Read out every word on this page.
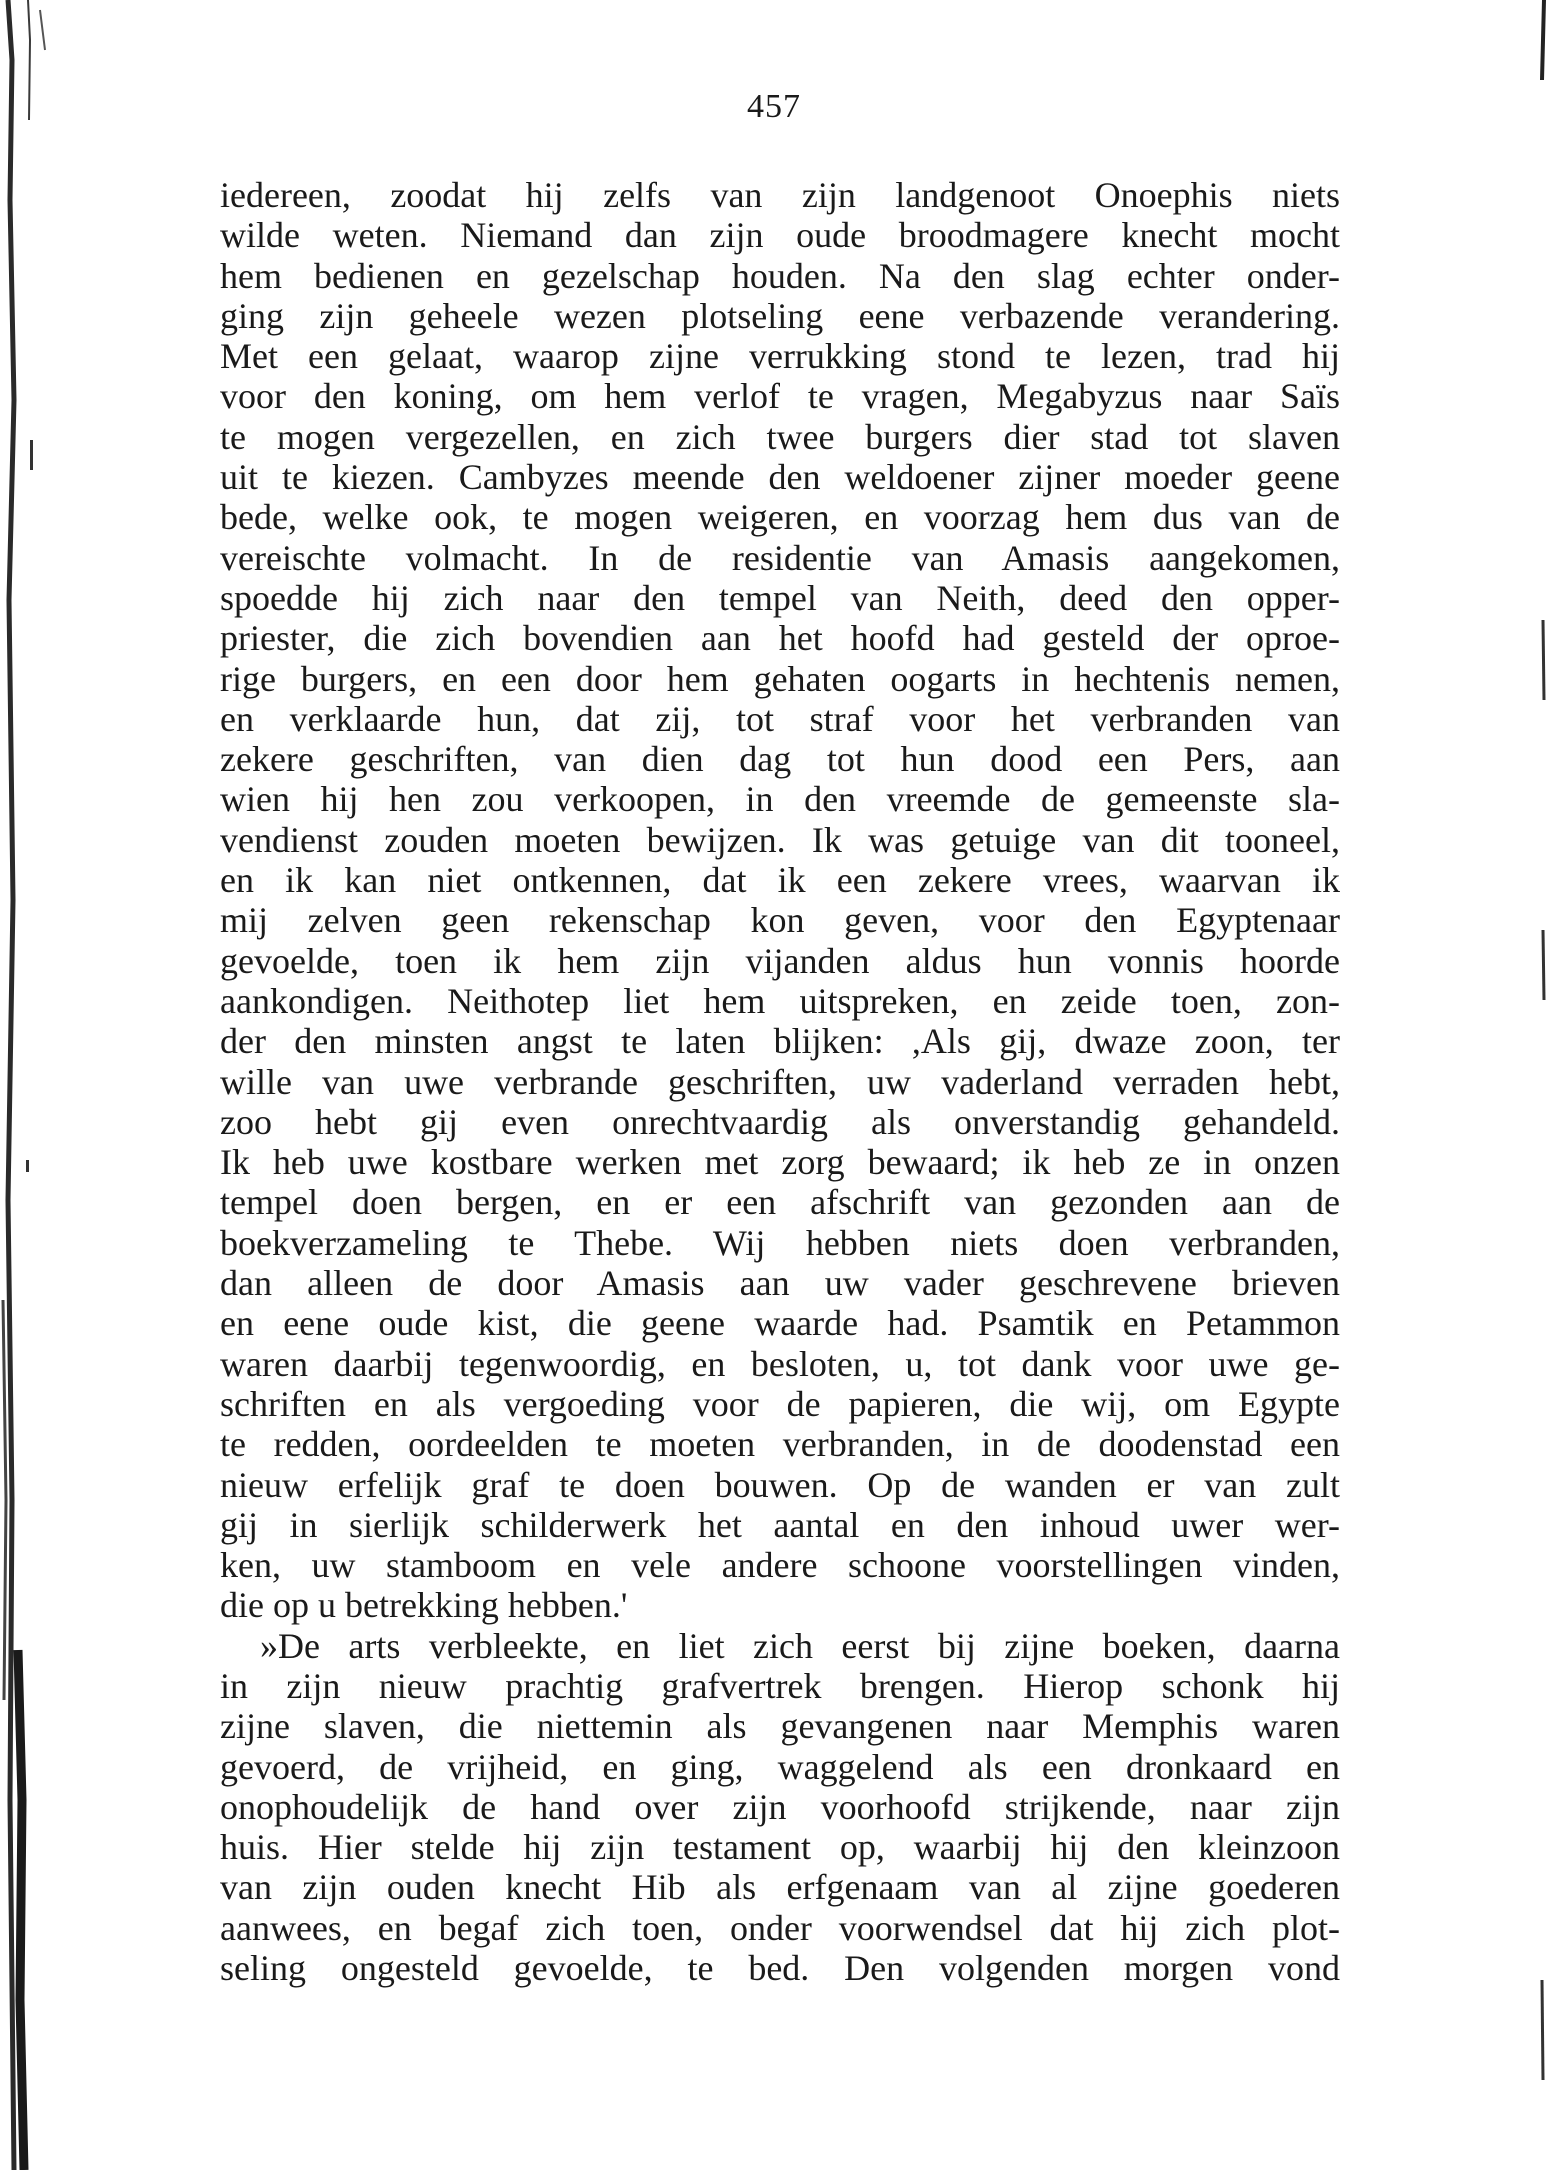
457
iedereen, zoodat hij zelfs van zijn landgenoot Onoephis niets
wilde weten. Niemand dan zijn oude broodmagere knecht mocht
hem bedienen en gezelschap houden. Na den slag echter onder-
ging zijn geheele wezen plotseling eene verbazende verandering.
Met een gelaat, waarop zijne verrukking stond te lezen, trad hij
voor den koning, om hem verlof te vragen, Megabyzus naar Saïs
te mogen vergezellen, en zich twee burgers dier stad tot slaven
uit te kiezen. Cambyzes meende den weldoener zijner moeder geene
bede, welke ook, te mogen weigeren, en voorzag hem dus van de
vereischte volmacht. In de residentie van Amasis aangekomen,
spoedde hij zich naar den tempel van Neith, deed den opper-
priester, die zich bovendien aan het hoofd had gesteld der oproe-
rige burgers, en een door hem gehaten oogarts in hechtenis nemen,
en verklaarde hun, dat zij, tot straf voor het verbranden van
zekere geschriften, van dien dag tot hun dood een Pers, aan
wien hij hen zou verkoopen, in den vreemde de gemeenste sla-
vendienst zouden moeten bewijzen. Ik was getuige van dit tooneel,
en ik kan niet ontkennen, dat ik een zekere vrees, waarvan ik
mij zelven geen rekenschap kon geven, voor den Egyptenaar
gevoelde, toen ik hem zijn vijanden aldus hun vonnis hoorde
aankondigen. Neithotep liet hem uitspreken, en zeide toen, zon-
der den minsten angst te laten blijken: ,Als gij, dwaze zoon, ter
wille van uwe verbrande geschriften, uw vaderland verraden hebt,
zoo hebt gij even onrechtvaardig als onverstandig gehandeld.
Ik heb uwe kostbare werken met zorg bewaard; ik heb ze in onzen
tempel doen bergen, en er een afschrift van gezonden aan de
boekverzameling te Thebe. Wij hebben niets doen verbranden,
dan alleen de door Amasis aan uw vader geschrevene brieven
en eene oude kist, die geene waarde had. Psamtik en Petammon
waren daarbij tegenwoordig, en besloten, u, tot dank voor uwe ge-
schriften en als vergoeding voor de papieren, die wij, om Egypte
te redden, oordeelden te moeten verbranden, in de doodenstad een
nieuw erfelijk graf te doen bouwen. Op de wanden er van zult
gij in sierlijk schilderwerk het aantal en den inhoud uwer wer-
ken, uw stamboom en vele andere schoone voorstellingen vinden,
die op u betrekking hebben.'
»De arts verbleekte, en liet zich eerst bij zijne boeken, daarna
in zijn nieuw prachtig grafvertrek brengen. Hierop schonk hij
zijne slaven, die niettemin als gevangenen naar Memphis waren
gevoerd, de vrijheid, en ging, waggelend als een dronkaard en
onophoudelijk de hand over zijn voorhoofd strijkende, naar zijn
huis. Hier stelde hij zijn testament op, waarbij hij den kleinzoon
van zijn ouden knecht Hib als erfgenaam van al zijne goederen
aanwees, en begaf zich toen, onder voorwendsel dat hij zich plot-
seling ongesteld gevoelde, te bed. Den volgenden morgen vond
